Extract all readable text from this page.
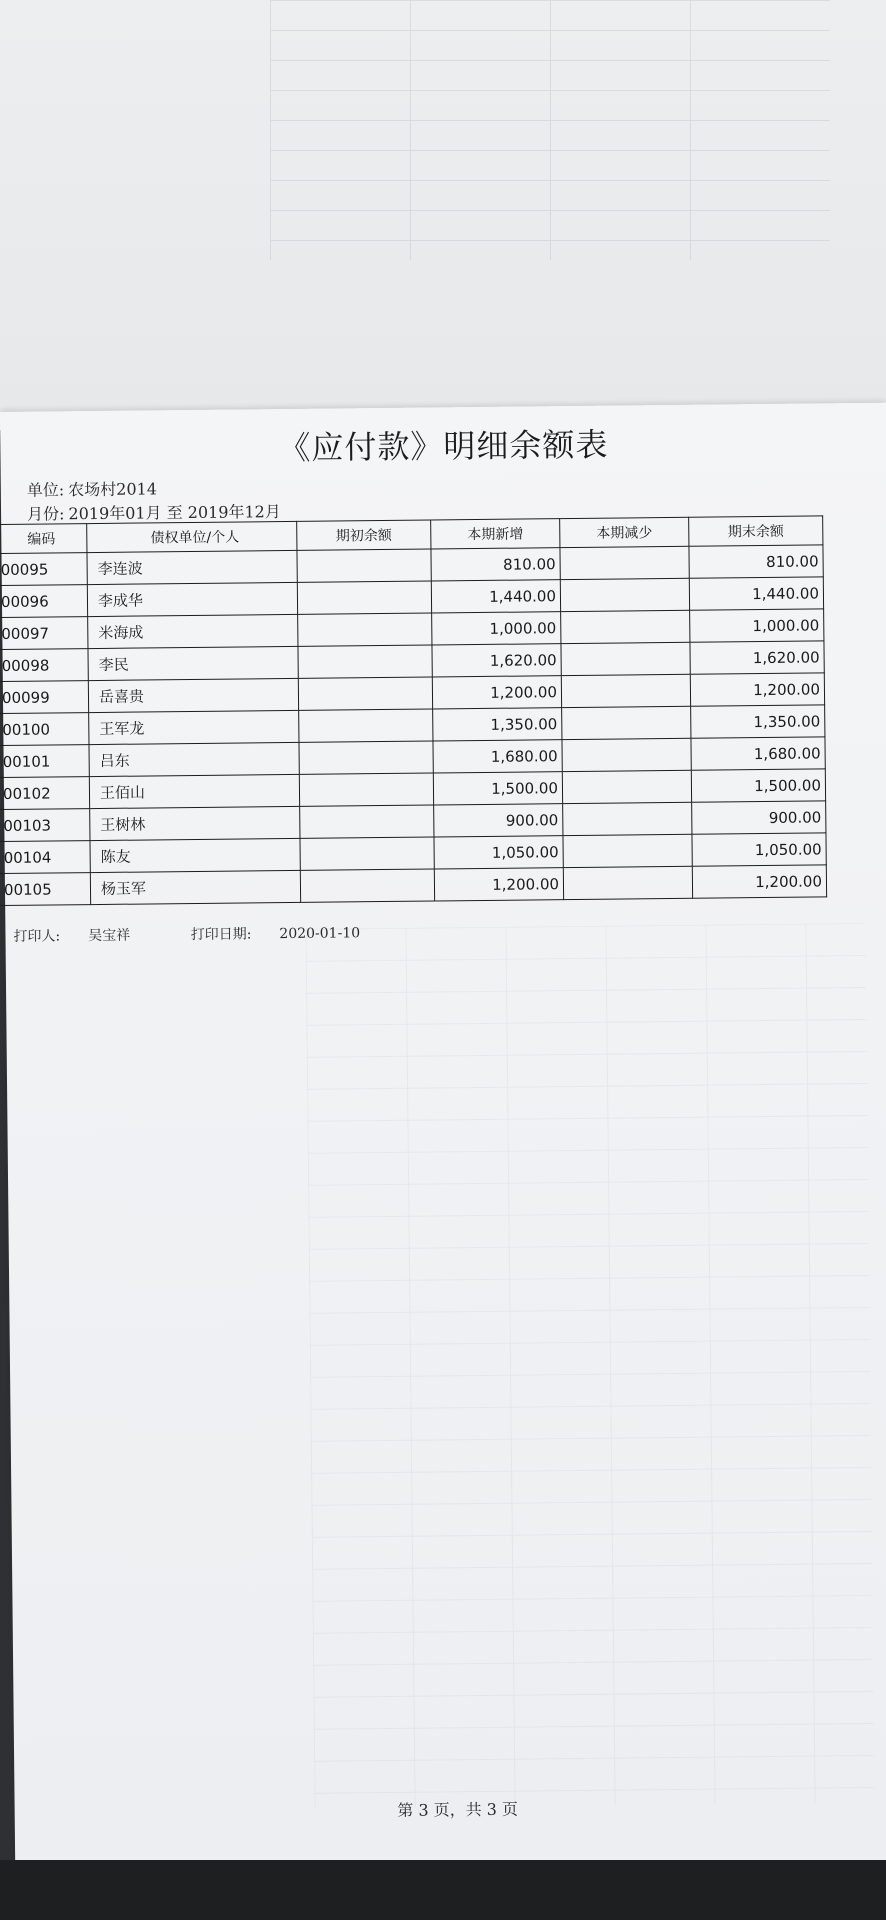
《应付款》明细余额表
单位: 农场村2014
月份: 2019年01月 至 2019年12月
编码	债权单位/个人	期初余额	本期新增	本期减少	期末余额
00095	李连波		810.00		810.00
00096	李成华		1,440.00		1,440.00
00097	米海成		1,000.00		1,000.00
00098	李民		1,620.00		1,620.00
00099	岳喜贵		1,200.00		1,200.00
00100	王军龙		1,350.00		1,350.00
00101	吕东		1,680.00		1,680.00
00102	王佰山		1,500.00		1,500.00
00103	王树林		900.00		900.00
00104	陈友		1,050.00		1,050.00
00105	杨玉军		1,200.00		1,200.00
打印人: 吴宝祥	打印日期: 2020-01-10
第 3 页，共 3 页
